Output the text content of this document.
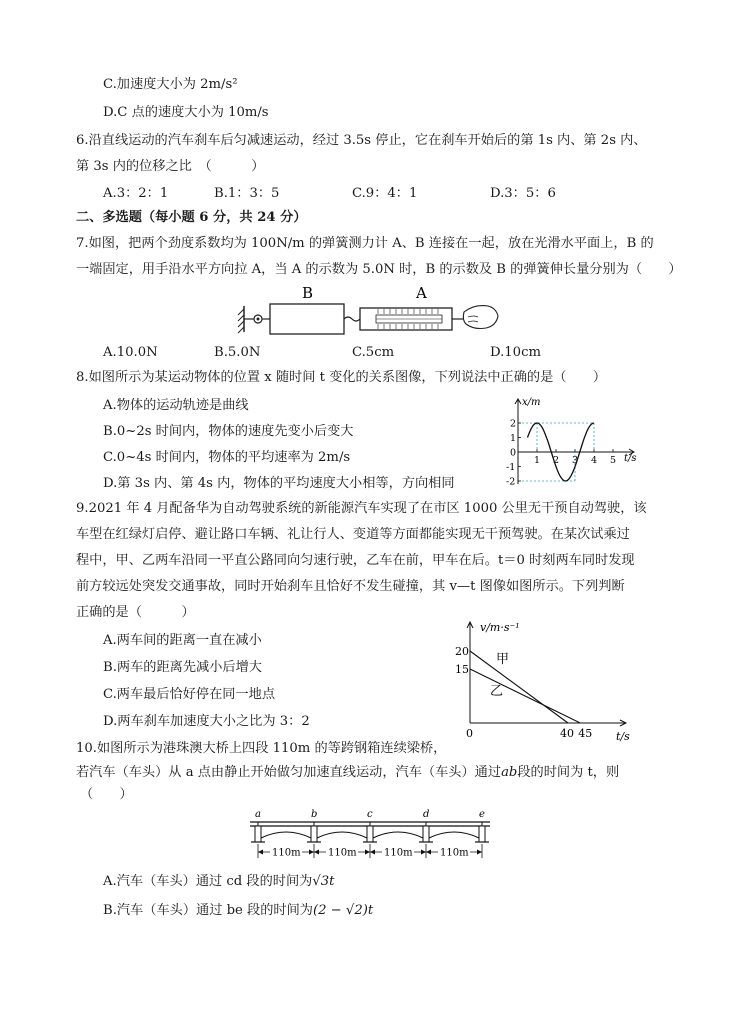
C.加速度大小为 2m/s²
D.C 点的速度大小为 10m/s
6.沿直线运动的汽车刹车后匀减速运动，经过 3.5s 停止，它在刹车开始后的第 1s 内、第 2s 内、
第 3s 内的位移之比　（　　　）
A.3：2：1	B.1：3：5	C.9：4：1	D.3：5：6
二、多选题（每小题 6 分，共 24 分）
7.如图，把两个劲度系数均为 100N/m 的弹簧测力计 A、B 连接在一起，放在光滑水平面上，B 的
一端固定，用手沿水平方向拉 A，当 A 的示数为 5.0N 时，B 的示数及 B 的弹簧伸长量分别为（　　）
B	A
A.10.0N	B.5.0N	C.5cm	D.10cm
8.如图所示为某运动物体的位置 x 随时间 t 变化的关系图像，下列说法中正确的是（　　）
A.物体的运动轨迹是曲线
B.0~2s 时间内，物体的速度先变小后变大
C.0~4s 时间内，物体的平均速率为 2m/s
D.第 3s 内、第 4s 内，物体的平均速度大小相等，方向相同
1 2 3 4 5
2
1
0
-1
-2
x/m
t/s
9.2021 年 4 月配备华为自动驾驶系统的新能源汽车实现了在市区 1000 公里无干预自动驾驶，该
车型在红绿灯启停、避让路口车辆、礼让行人、变道等方面都能实现无干预驾驶。在某次试乘过
程中，甲、乙两车沿同一平直公路同向匀速行驶，乙车在前，甲车在后。t＝0 时刻两车同时发现
前方较远处突发交通事故，同时开始刹车且恰好不发生碰撞，其 v—t 图像如图所示。下列判断
正确的是（　　　）
A.两车间的距离一直在减小
B.两车的距离先减小后增大
C.两车最后恰好停在同一地点
D.两车刹车加速度大小之比为 3：2
0	40 45
20
15
v/m·s⁻¹
t/s
甲
乙
10.如图所示为港珠澳大桥上四段 110m 的等跨钢箱连续梁桥，
若汽车（车头）从 a 点由静止开始做匀加速直线运动，汽车（车头）通过ab段的时间为 t，则
（　　）
a	b	c	d	e
110m	110m	110m	110m
A.汽车（车头）通过 cd 段的时间为√3t
B.汽车（车头）通过 be 段的时间为(2 − √2)t
